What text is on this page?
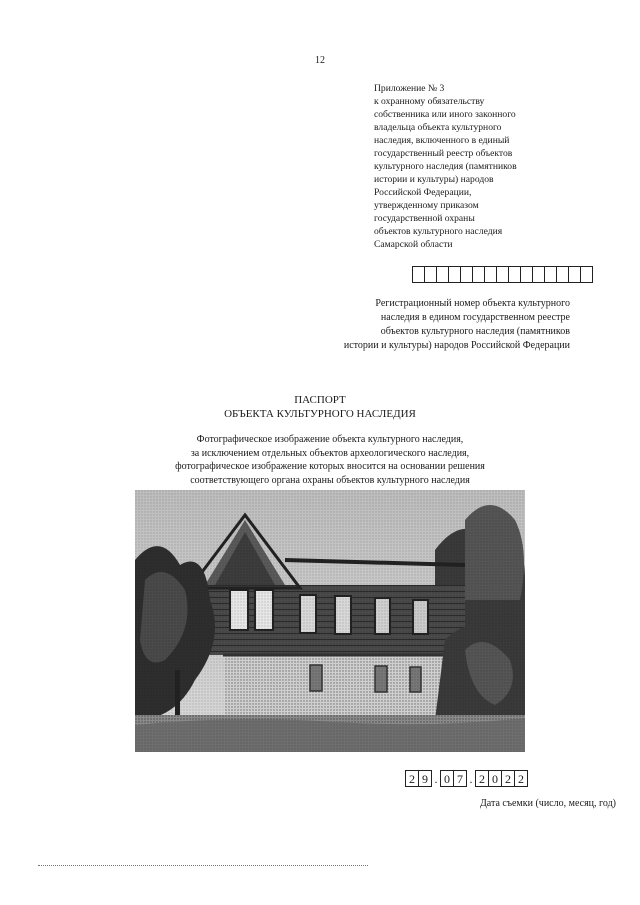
12
Приложение № 3
к охранному обязательству
собственника или иного законного
владельца объекта культурного
наследия, включенного в единый
государственный реестр объектов
культурного наследия (памятников
истории и культуры) народов
Российской Федерации,
утвержденному приказом
государственной охраны
объектов культурного наследия
Самарской области
Регистрационный номер объекта культурного
наследия в едином государственном реестре
объектов культурного наследия (памятников
истории и культуры) народов Российской Федерации
ПАСПОРТ
ОБЪЕКТА КУЛЬТУРНОГО НАСЛЕДИЯ
Фотографическое изображение объекта культурного наследия,
за исключением отдельных объектов археологического наследия,
фотографическое изображение которых вносится на основании решения
соответствующего органа охраны объектов культурного наследия
2 9 . 0 7 . 2 0 2 2
Дата съемки (число, месяц, год)
